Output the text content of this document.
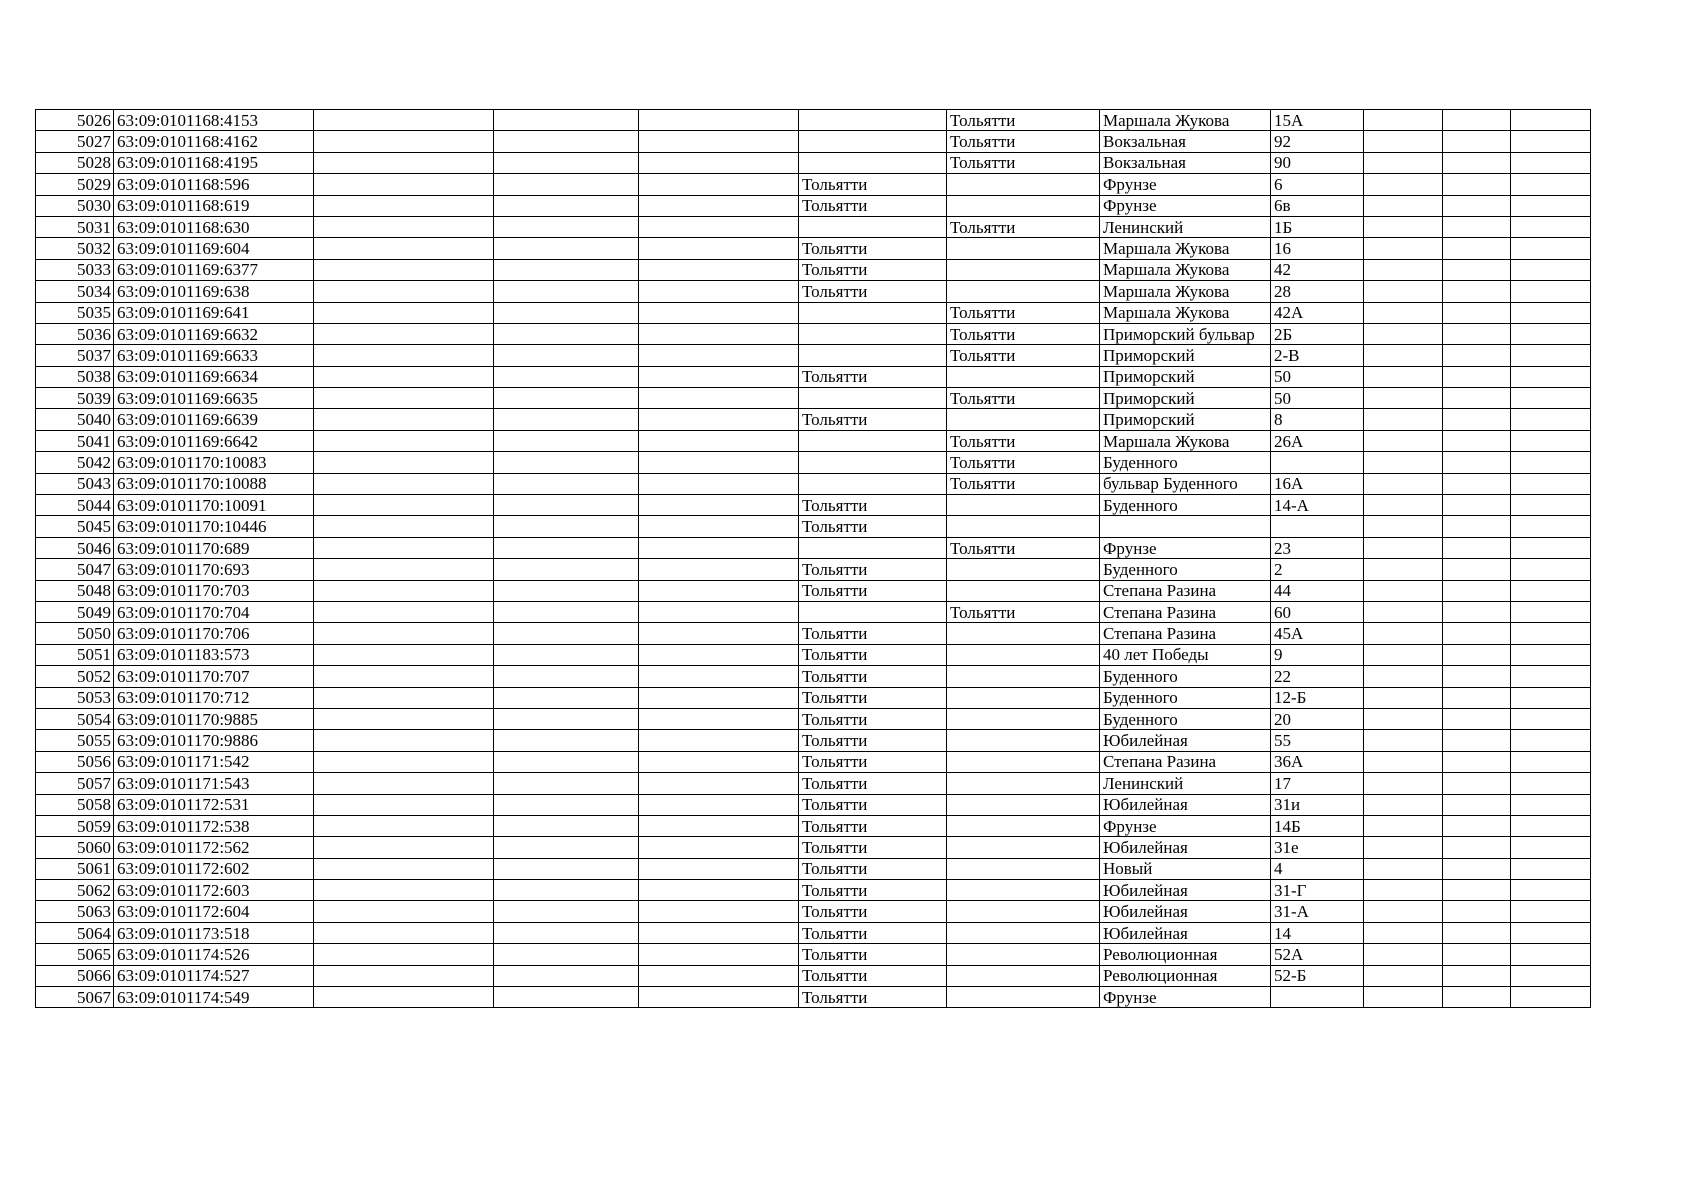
5026	63:09:0101168:4153					Тольятти	Маршала Жукова	15А			
5027	63:09:0101168:4162					Тольятти	Вокзальная	92			
5028	63:09:0101168:4195					Тольятти	Вокзальная	90			
5029	63:09:0101168:596				Тольятти		Фрунзе	6			
5030	63:09:0101168:619				Тольятти		Фрунзе	6в			
5031	63:09:0101168:630					Тольятти	Ленинский	1Б			
5032	63:09:0101169:604				Тольятти		Маршала Жукова	16			
5033	63:09:0101169:6377				Тольятти		Маршала Жукова	42			
5034	63:09:0101169:638				Тольятти		Маршала Жукова	28			
5035	63:09:0101169:641					Тольятти	Маршала Жукова	42А			
5036	63:09:0101169:6632					Тольятти	Приморский бульвар	2Б			
5037	63:09:0101169:6633					Тольятти	Приморский	2-В			
5038	63:09:0101169:6634				Тольятти		Приморский	50			
5039	63:09:0101169:6635					Тольятти	Приморский	50			
5040	63:09:0101169:6639				Тольятти		Приморский	8			
5041	63:09:0101169:6642					Тольятти	Маршала Жукова	26А			
5042	63:09:0101170:10083					Тольятти	Буденного				
5043	63:09:0101170:10088					Тольятти	бульвар Буденного	16А			
5044	63:09:0101170:10091				Тольятти		Буденного	14-А			
5045	63:09:0101170:10446				Тольятти						
5046	63:09:0101170:689					Тольятти	Фрунзе	23			
5047	63:09:0101170:693				Тольятти		Буденного	2			
5048	63:09:0101170:703				Тольятти		Степана Разина	44			
5049	63:09:0101170:704					Тольятти	Степана Разина	60			
5050	63:09:0101170:706				Тольятти		Степана Разина	45А			
5051	63:09:0101183:573				Тольятти		40 лет Победы	9			
5052	63:09:0101170:707				Тольятти		Буденного	22			
5053	63:09:0101170:712				Тольятти		Буденного	12-Б			
5054	63:09:0101170:9885				Тольятти		Буденного	20			
5055	63:09:0101170:9886				Тольятти		Юбилейная	55			
5056	63:09:0101171:542				Тольятти		Степана Разина	36А			
5057	63:09:0101171:543				Тольятти		Ленинский	17			
5058	63:09:0101172:531				Тольятти		Юбилейная	31и			
5059	63:09:0101172:538				Тольятти		Фрунзе	14Б			
5060	63:09:0101172:562				Тольятти		Юбилейная	31е			
5061	63:09:0101172:602				Тольятти		Новый	4			
5062	63:09:0101172:603				Тольятти		Юбилейная	31-Г			
5063	63:09:0101172:604				Тольятти		Юбилейная	31-А			
5064	63:09:0101173:518				Тольятти		Юбилейная	14			
5065	63:09:0101174:526				Тольятти		Революционная	52А			
5066	63:09:0101174:527				Тольятти		Революционная	52-Б			
5067	63:09:0101174:549				Тольятти		Фрунзе				
